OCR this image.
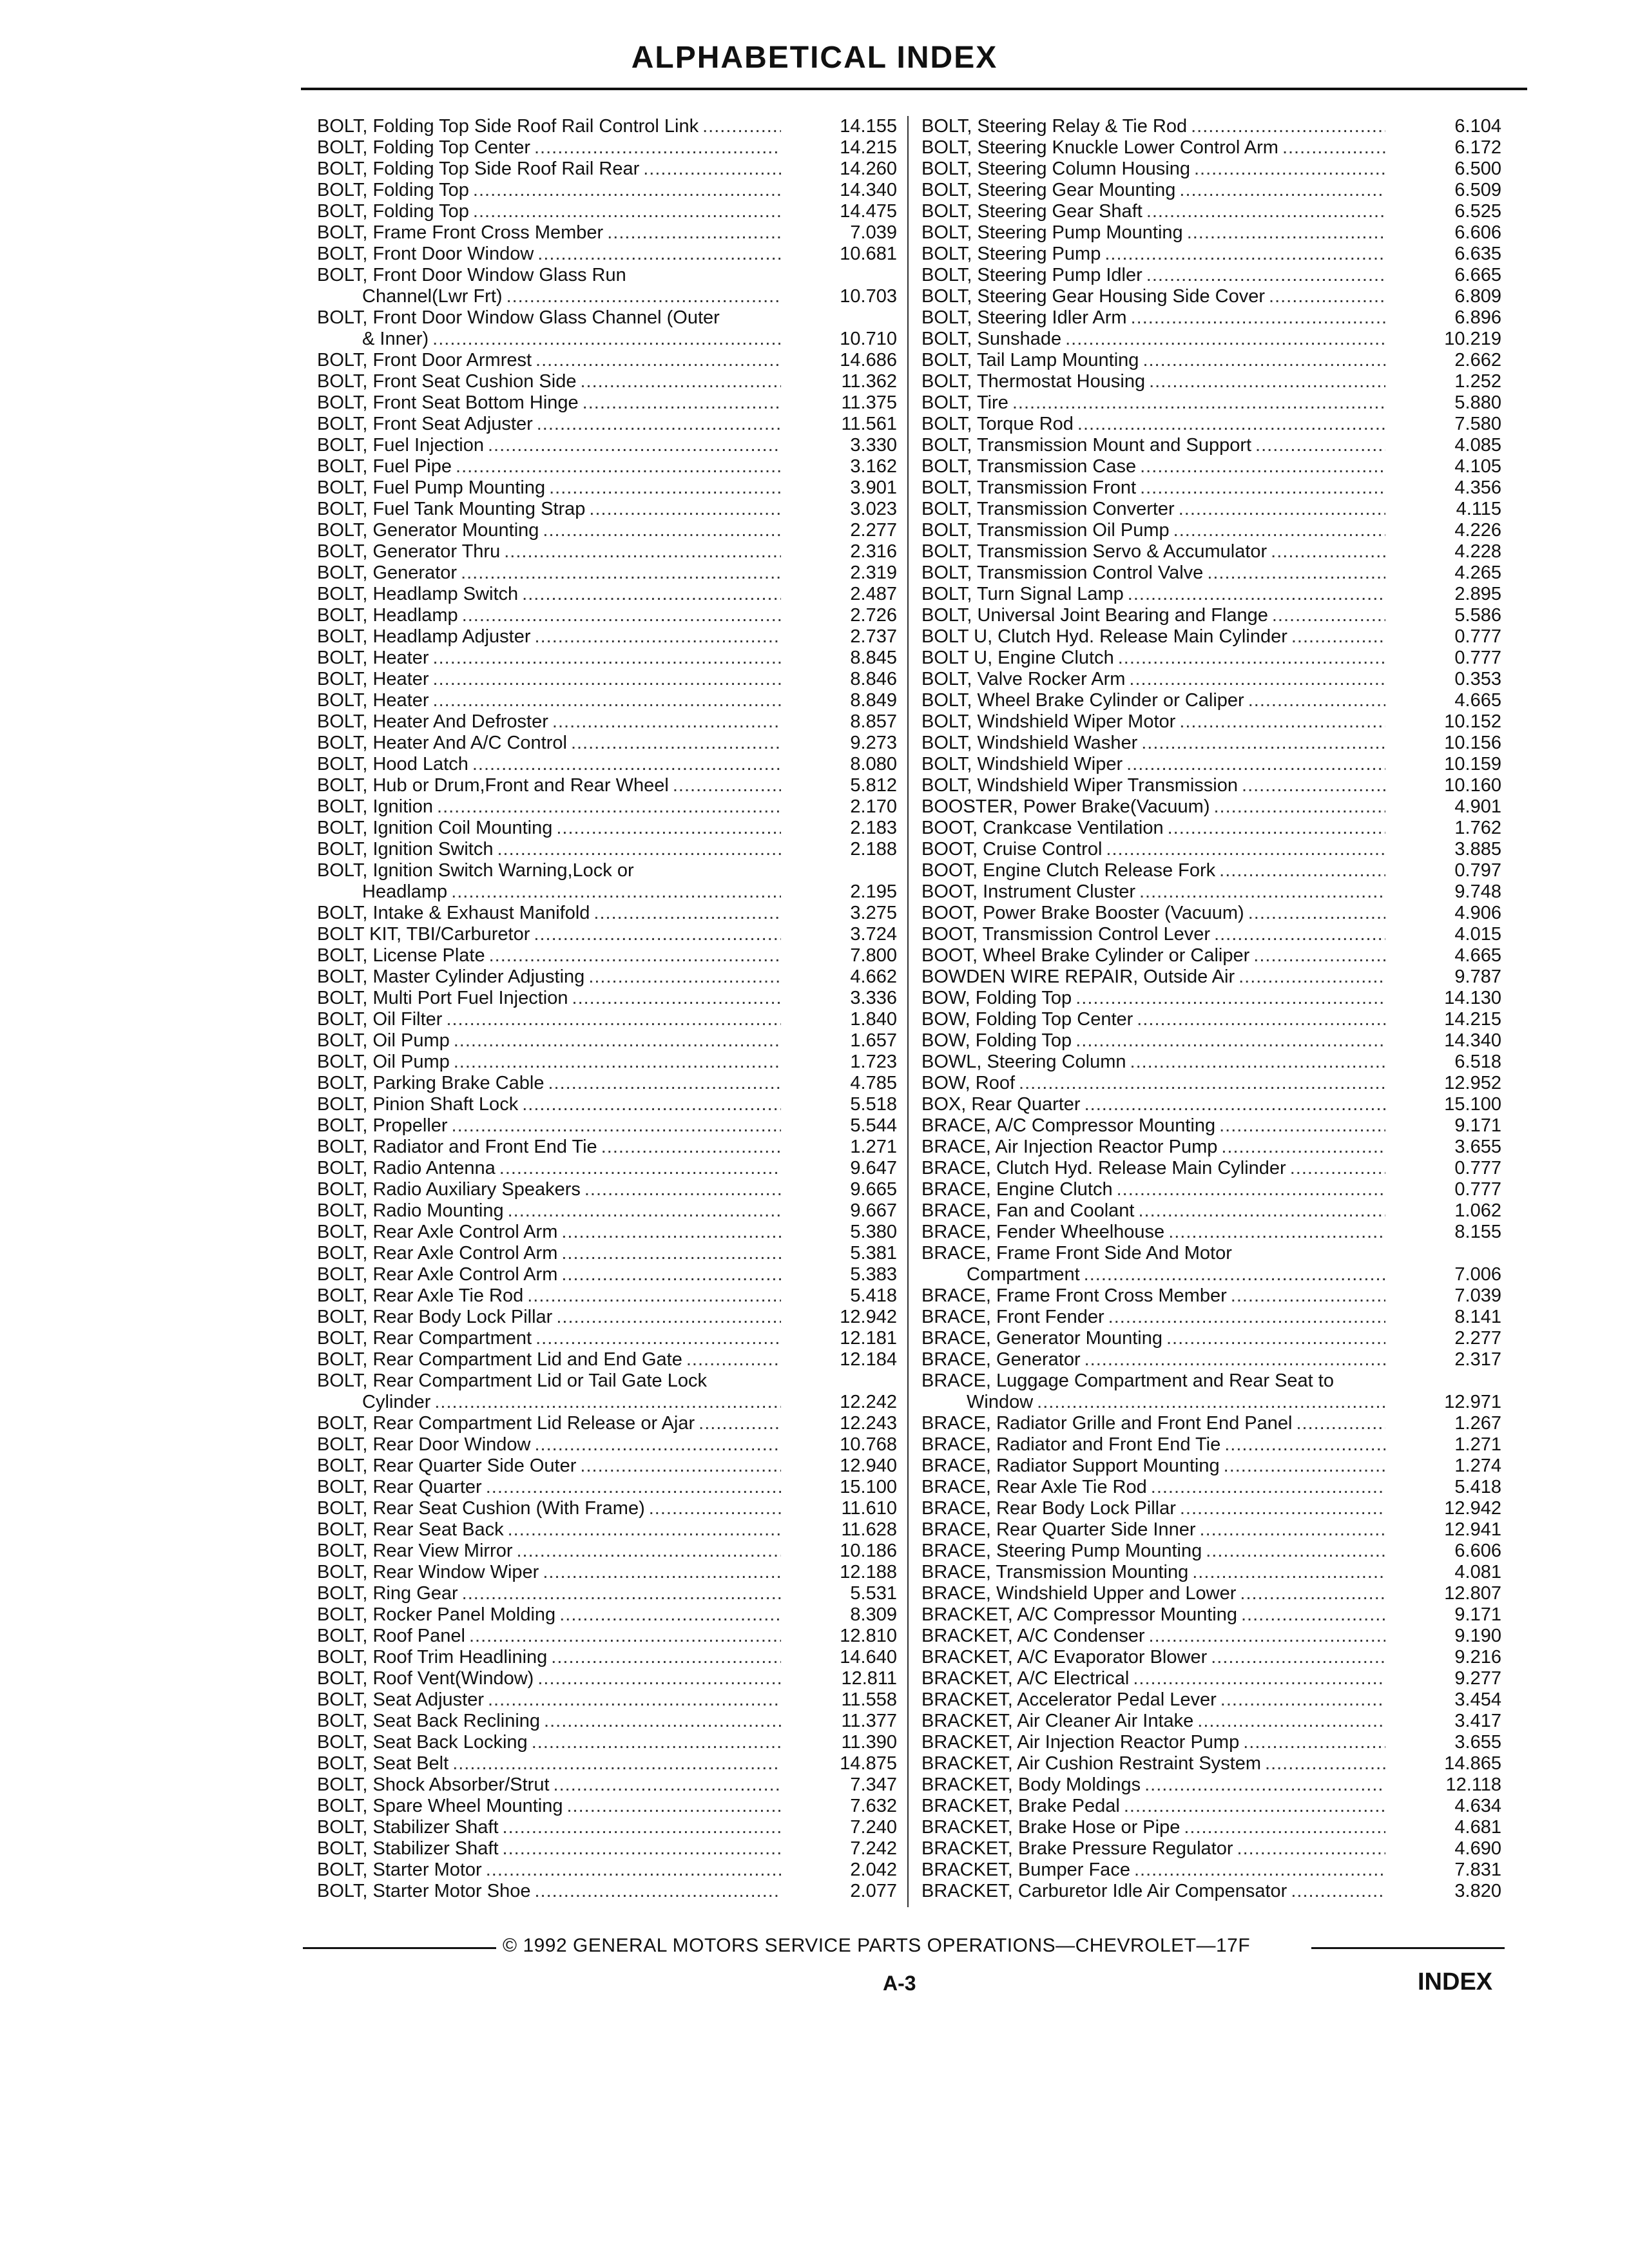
ALPHABETICAL INDEX
BOLT, Folding Top Side Roof Rail Control Link .....	14.155
BOLT, Folding Top Center .....	14.215
BOLT, Folding Top Side Roof Rail Rear .....	14.260
BOLT, Folding Top .....	14.340
BOLT, Folding Top .....	14.475
BOLT, Frame Front Cross Member .....	7.039
BOLT, Front Door Window .....	10.681
BOLT, Front Door Window Glass Run
Channel(Lwr Frt) .....	10.703
BOLT, Front Door Window Glass Channel (Outer
& Inner) .....	10.710
BOLT, Front Door Armrest .....	14.686
BOLT, Front Seat Cushion Side .....	11.362
BOLT, Front Seat Bottom Hinge .....	11.375
BOLT, Front Seat Adjuster .....	11.561
BOLT, Fuel Injection .....	3.330
BOLT, Fuel Pipe .....	3.162
BOLT, Fuel Pump Mounting .....	3.901
BOLT, Fuel Tank Mounting Strap .....	3.023
BOLT, Generator Mounting .....	2.277
BOLT, Generator Thru .....	2.316
BOLT, Generator .....	2.319
BOLT, Headlamp Switch .....	2.487
BOLT, Headlamp .....	2.726
BOLT, Headlamp Adjuster .....	2.737
BOLT, Heater .....	8.845
BOLT, Heater .....	8.846
BOLT, Heater .....	8.849
BOLT, Heater And Defroster .....	8.857
BOLT, Heater And A/C Control .....	9.273
BOLT, Hood Latch .....	8.080
BOLT, Hub or Drum,Front and Rear Wheel .....	5.812
BOLT, Ignition .....	2.170
BOLT, Ignition Coil Mounting .....	2.183
BOLT, Ignition Switch .....	2.188
BOLT, Ignition Switch Warning,Lock or
Headlamp .....	2.195
BOLT, Intake & Exhaust Manifold .....	3.275
BOLT KIT, TBI/Carburetor .....	3.724
BOLT, License Plate .....	7.800
BOLT, Master Cylinder Adjusting .....	4.662
BOLT, Multi Port Fuel Injection .....	3.336
BOLT, Oil Filter .....	1.840
BOLT, Oil Pump .....	1.657
BOLT, Oil Pump .....	1.723
BOLT, Parking Brake Cable .....	4.785
BOLT, Pinion Shaft Lock .....	5.518
BOLT, Propeller .....	5.544
BOLT, Radiator and Front End Tie .....	1.271
BOLT, Radio Antenna .....	9.647
BOLT, Radio Auxiliary Speakers .....	9.665
BOLT, Radio Mounting .....	9.667
BOLT, Rear Axle Control Arm .....	5.380
BOLT, Rear Axle Control Arm .....	5.381
BOLT, Rear Axle Control Arm .....	5.383
BOLT, Rear Axle Tie Rod .....	5.418
BOLT, Rear Body Lock Pillar .....	12.942
BOLT, Rear Compartment .....	12.181
BOLT, Rear Compartment Lid and End Gate .....	12.184
BOLT, Rear Compartment Lid or Tail Gate Lock
Cylinder .....	12.242
BOLT, Rear Compartment Lid Release or Ajar .....	12.243
BOLT, Rear Door Window .....	10.768
BOLT, Rear Quarter Side Outer .....	12.940
BOLT, Rear Quarter .....	15.100
BOLT, Rear Seat Cushion (With Frame) .....	11.610
BOLT, Rear Seat Back .....	11.628
BOLT, Rear View Mirror .....	10.186
BOLT, Rear Window Wiper .....	12.188
BOLT, Ring Gear .....	5.531
BOLT, Rocker Panel Molding .....	8.309
BOLT, Roof Panel .....	12.810
BOLT, Roof Trim Headlining .....	14.640
BOLT, Roof Vent(Window) .....	12.811
BOLT, Seat Adjuster .....	11.558
BOLT, Seat Back Reclining .....	11.377
BOLT, Seat Back Locking .....	11.390
BOLT, Seat Belt .....	14.875
BOLT, Shock Absorber/Strut .....	7.347
BOLT, Spare Wheel Mounting .....	7.632
BOLT, Stabilizer Shaft .....	7.240
BOLT, Stabilizer Shaft .....	7.242
BOLT, Starter Motor .....	2.042
BOLT, Starter Motor Shoe .....	2.077
BOLT, Steering Relay & Tie Rod .....	6.104
BOLT, Steering Knuckle Lower Control Arm .....	6.172
BOLT, Steering Column Housing .....	6.500
BOLT, Steering Gear Mounting .....	6.509
BOLT, Steering Gear Shaft .....	6.525
BOLT, Steering Pump Mounting .....	6.606
BOLT, Steering Pump .....	6.635
BOLT, Steering Pump Idler .....	6.665
BOLT, Steering Gear Housing Side Cover .....	6.809
BOLT, Steering Idler Arm .....	6.896
BOLT, Sunshade .....	10.219
BOLT, Tail Lamp Mounting .....	2.662
BOLT, Thermostat Housing .....	1.252
BOLT, Tire .....	5.880
BOLT, Torque Rod .....	7.580
BOLT, Transmission Mount and Support .....	4.085
BOLT, Transmission Case .....	4.105
BOLT, Transmission Front .....	4.356
BOLT, Transmission Converter .....	4.115
BOLT, Transmission Oil Pump .....	4.226
BOLT, Transmission Servo & Accumulator .....	4.228
BOLT, Transmission Control Valve .....	4.265
BOLT, Turn Signal Lamp .....	2.895
BOLT, Universal Joint Bearing and Flange .....	5.586
BOLT U, Clutch Hyd. Release Main Cylinder .....	0.777
BOLT U, Engine Clutch .....	0.777
BOLT, Valve Rocker Arm .....	0.353
BOLT, Wheel Brake Cylinder or Caliper .....	4.665
BOLT, Windshield Wiper Motor .....	10.152
BOLT, Windshield Washer .....	10.156
BOLT, Windshield Wiper .....	10.159
BOLT, Windshield Wiper Transmission .....	10.160
BOOSTER, Power Brake(Vacuum) .....	4.901
BOOT, Crankcase Ventilation .....	1.762
BOOT, Cruise Control .....	3.885
BOOT, Engine Clutch Release Fork .....	0.797
BOOT, Instrument Cluster .....	9.748
BOOT, Power Brake Booster (Vacuum) .....	4.906
BOOT, Transmission Control Lever .....	4.015
BOOT, Wheel Brake Cylinder or Caliper .....	4.665
BOWDEN WIRE REPAIR, Outside Air .....	9.787
BOW, Folding Top .....	14.130
BOW, Folding Top Center .....	14.215
BOW, Folding Top .....	14.340
BOWL, Steering Column .....	6.518
BOW, Roof .....	12.952
BOX, Rear Quarter .....	15.100
BRACE, A/C Compressor Mounting .....	9.171
BRACE, Air Injection Reactor Pump .....	3.655
BRACE, Clutch Hyd. Release Main Cylinder .....	0.777
BRACE, Engine Clutch .....	0.777
BRACE, Fan and Coolant .....	1.062
BRACE, Fender Wheelhouse .....	8.155
BRACE, Frame Front Side And Motor
Compartment .....	7.006
BRACE, Frame Front Cross Member .....	7.039
BRACE, Front Fender .....	8.141
BRACE, Generator Mounting .....	2.277
BRACE, Generator .....	2.317
BRACE, Luggage Compartment and Rear Seat to
Window .....	12.971
BRACE, Radiator Grille and Front End Panel .....	1.267
BRACE, Radiator and Front End Tie .....	1.271
BRACE, Radiator Support Mounting .....	1.274
BRACE, Rear Axle Tie Rod .....	5.418
BRACE, Rear Body Lock Pillar .....	12.942
BRACE, Rear Quarter Side Inner .....	12.941
BRACE, Steering Pump Mounting .....	6.606
BRACE, Transmission Mounting .....	4.081
BRACE, Windshield Upper and Lower .....	12.807
BRACKET, A/C Compressor Mounting .....	9.171
BRACKET, A/C Condenser .....	9.190
BRACKET, A/C Evaporator Blower .....	9.216
BRACKET, A/C Electrical .....	9.277
BRACKET, Accelerator Pedal Lever .....	3.454
BRACKET, Air Cleaner Air Intake .....	3.417
BRACKET, Air Injection Reactor Pump .....	3.655
BRACKET, Air Cushion Restraint System .....	14.865
BRACKET, Body Moldings .....	12.118
BRACKET, Brake Pedal .....	4.634
BRACKET, Brake Hose or Pipe .....	4.681
BRACKET, Brake Pressure Regulator .....	4.690
BRACKET, Bumper Face .....	7.831
BRACKET, Carburetor Idle Air Compensator .....	3.820
© 1992 GENERAL MOTORS SERVICE PARTS OPERATIONS—CHEVROLET—17F
A-3	INDEX
